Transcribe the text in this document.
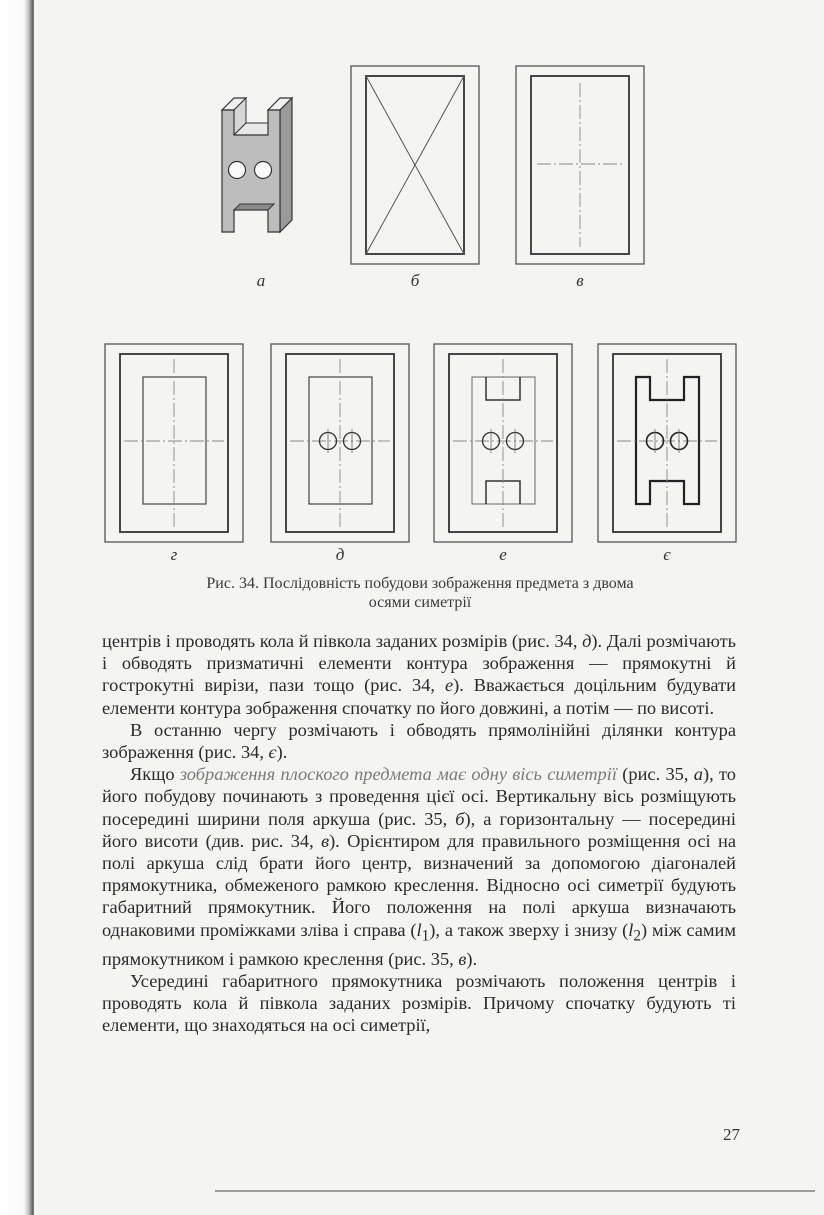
а	б	в
г	д	е	є
Рис. 34. Послідовність побудови зображення предмета з двома
осями симетрії

центрів і проводять кола й півкола заданих розмірів (рис. 34, д). Далі розмічають і обводять призматичні елементи контура зображення — прямокутні й гострокутні вирізи, пази тощо (рис. 34, е). Вважається доцільним будувати елементи контура зображення спочатку по його довжині, а потім — по висоті.

В останню чергу розмічають і обводять прямолінійні ділянки контура зображення (рис. 34, є).

Якщо зображення плоского предмета має одну вісь симетрії (рис. 35, а), то його побудову починають з проведення цієї осі. Вертикальну вісь розміщують посередині ширини поля аркуша (рис. 35, б), а горизонтальну — посередині його висоти (див. рис. 34, в). Орієнтиром для правильного розміщення осі на полі аркуша слід брати його центр, визначений за допомогою діагоналей прямокутника, обмеженого рамкою креслення. Відносно осі симетрії будують габаритний прямокутник. Його положення на полі аркуша визначають однаковими проміжками зліва і справа $(l_1)$, а також зверху і знизу $(l_2)$ між самим прямокутником і рамкою креслення (рис. 35, в).

Усередині габаритного прямокутника розмічають положення центрів і проводять кола й півкола заданих розмірів. Причому спочатку будують ті елементи, що знаходяться на осі симетрії,

27
